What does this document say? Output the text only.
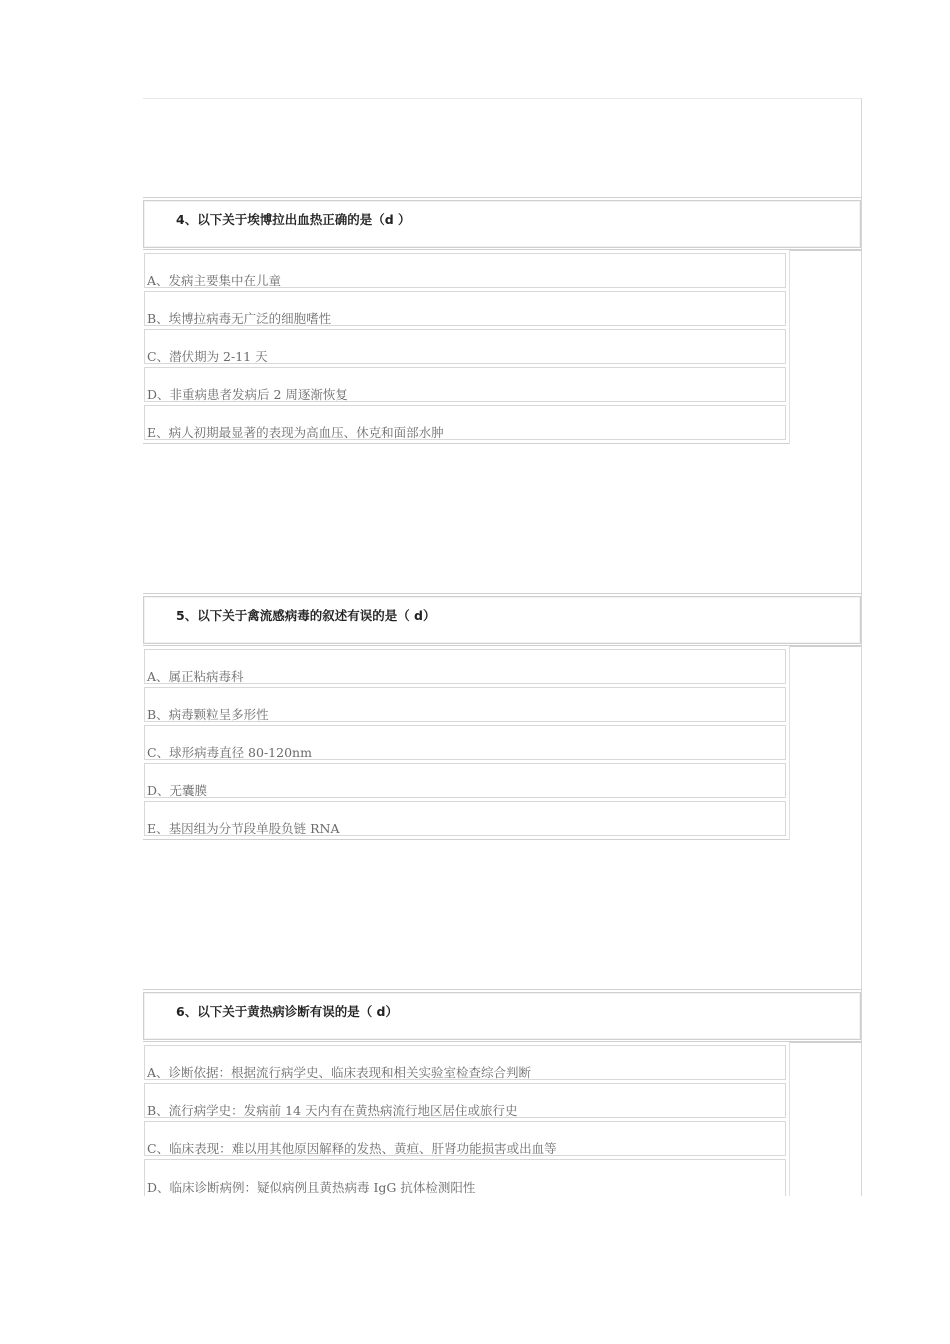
4、以下关于埃博拉出血热正确的是（d ）
A、发病主要集中在儿童
B、埃博拉病毒无广泛的细胞嗜性
C、潜伏期为 2-11 天
D、非重病患者发病后 2 周逐渐恢复
E、病人初期最显著的表现为高血压、休克和面部水肿
5、以下关于禽流感病毒的叙述有误的是（ d）
A、属正粘病毒科
B、病毒颗粒呈多形性
C、球形病毒直径 80-120nm
D、无囊膜
E、基因组为分节段单股负链 RNA
6、以下关于黄热病诊断有误的是（ d）
A、诊断依据：根据流行病学史、临床表现和相关实验室检查综合判断
B、流行病学史：发病前 14 天内有在黄热病流行地区居住或旅行史
C、临床表现：难以用其他原因解释的发热、黄疸、肝肾功能损害或出血等
D、临床诊断病例：疑似病例且黄热病毒 IgG 抗体检测阳性
